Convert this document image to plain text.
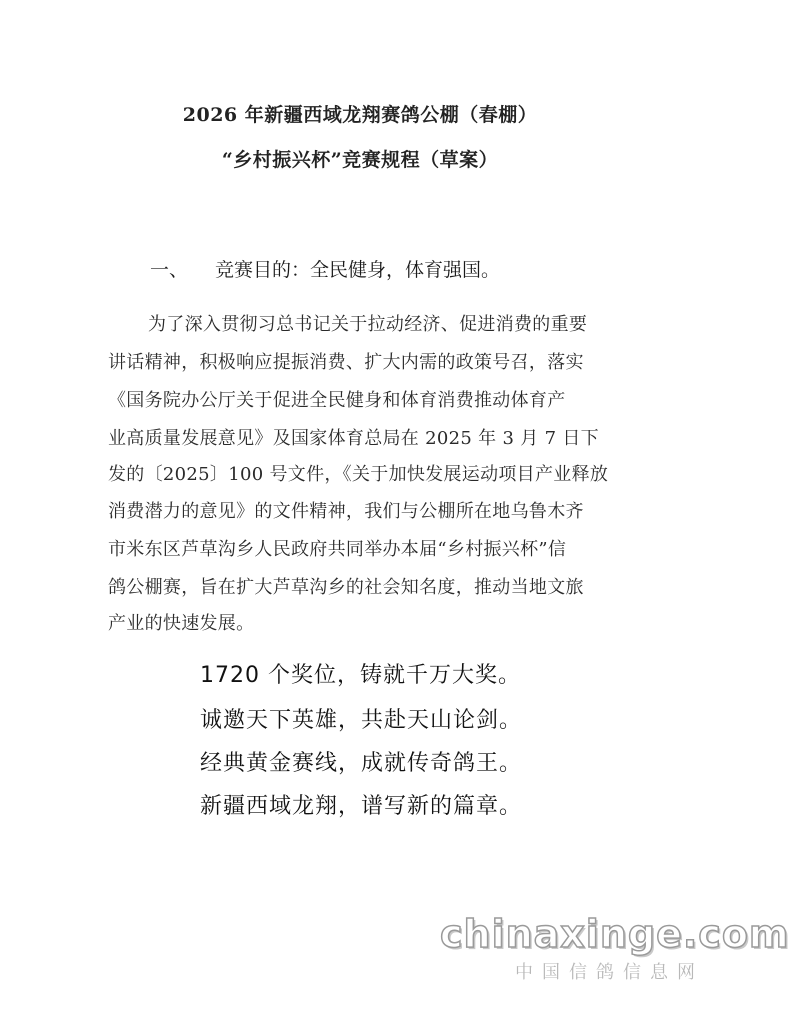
2026 年新疆西域龙翔赛鸽公棚（春棚）
“乡村振兴杯”竞赛规程（草案）
一、 竞赛目的：全民健身，体育强国。
为了深入贯彻习总书记关于拉动经济、促进消费的重要
讲话精神，积极响应提振消费、扩大内需的政策号召，落实
《国务院办公厅关于促进全民健身和体育消费推动体育产
业高质量发展意见》及国家体育总局在 2025 年 3 月 7 日下
发的〔2025〕100 号文件，《关于加快发展运动项目产业释放
消费潜力的意见》的文件精神，我们与公棚所在地乌鲁木齐
市米东区芦草沟乡人民政府共同举办本届“乡村振兴杯”信
鸽公棚赛，旨在扩大芦草沟乡的社会知名度，推动当地文旅
产业的快速发展。
1720 个奖位，铸就千万大奖。
诚邀天下英雄，共赴天山论剑。
经典黄金赛线，成就传奇鸽王。
新疆西域龙翔，谱写新的篇章。
chinaxinge.com
中国信鸽信息网
